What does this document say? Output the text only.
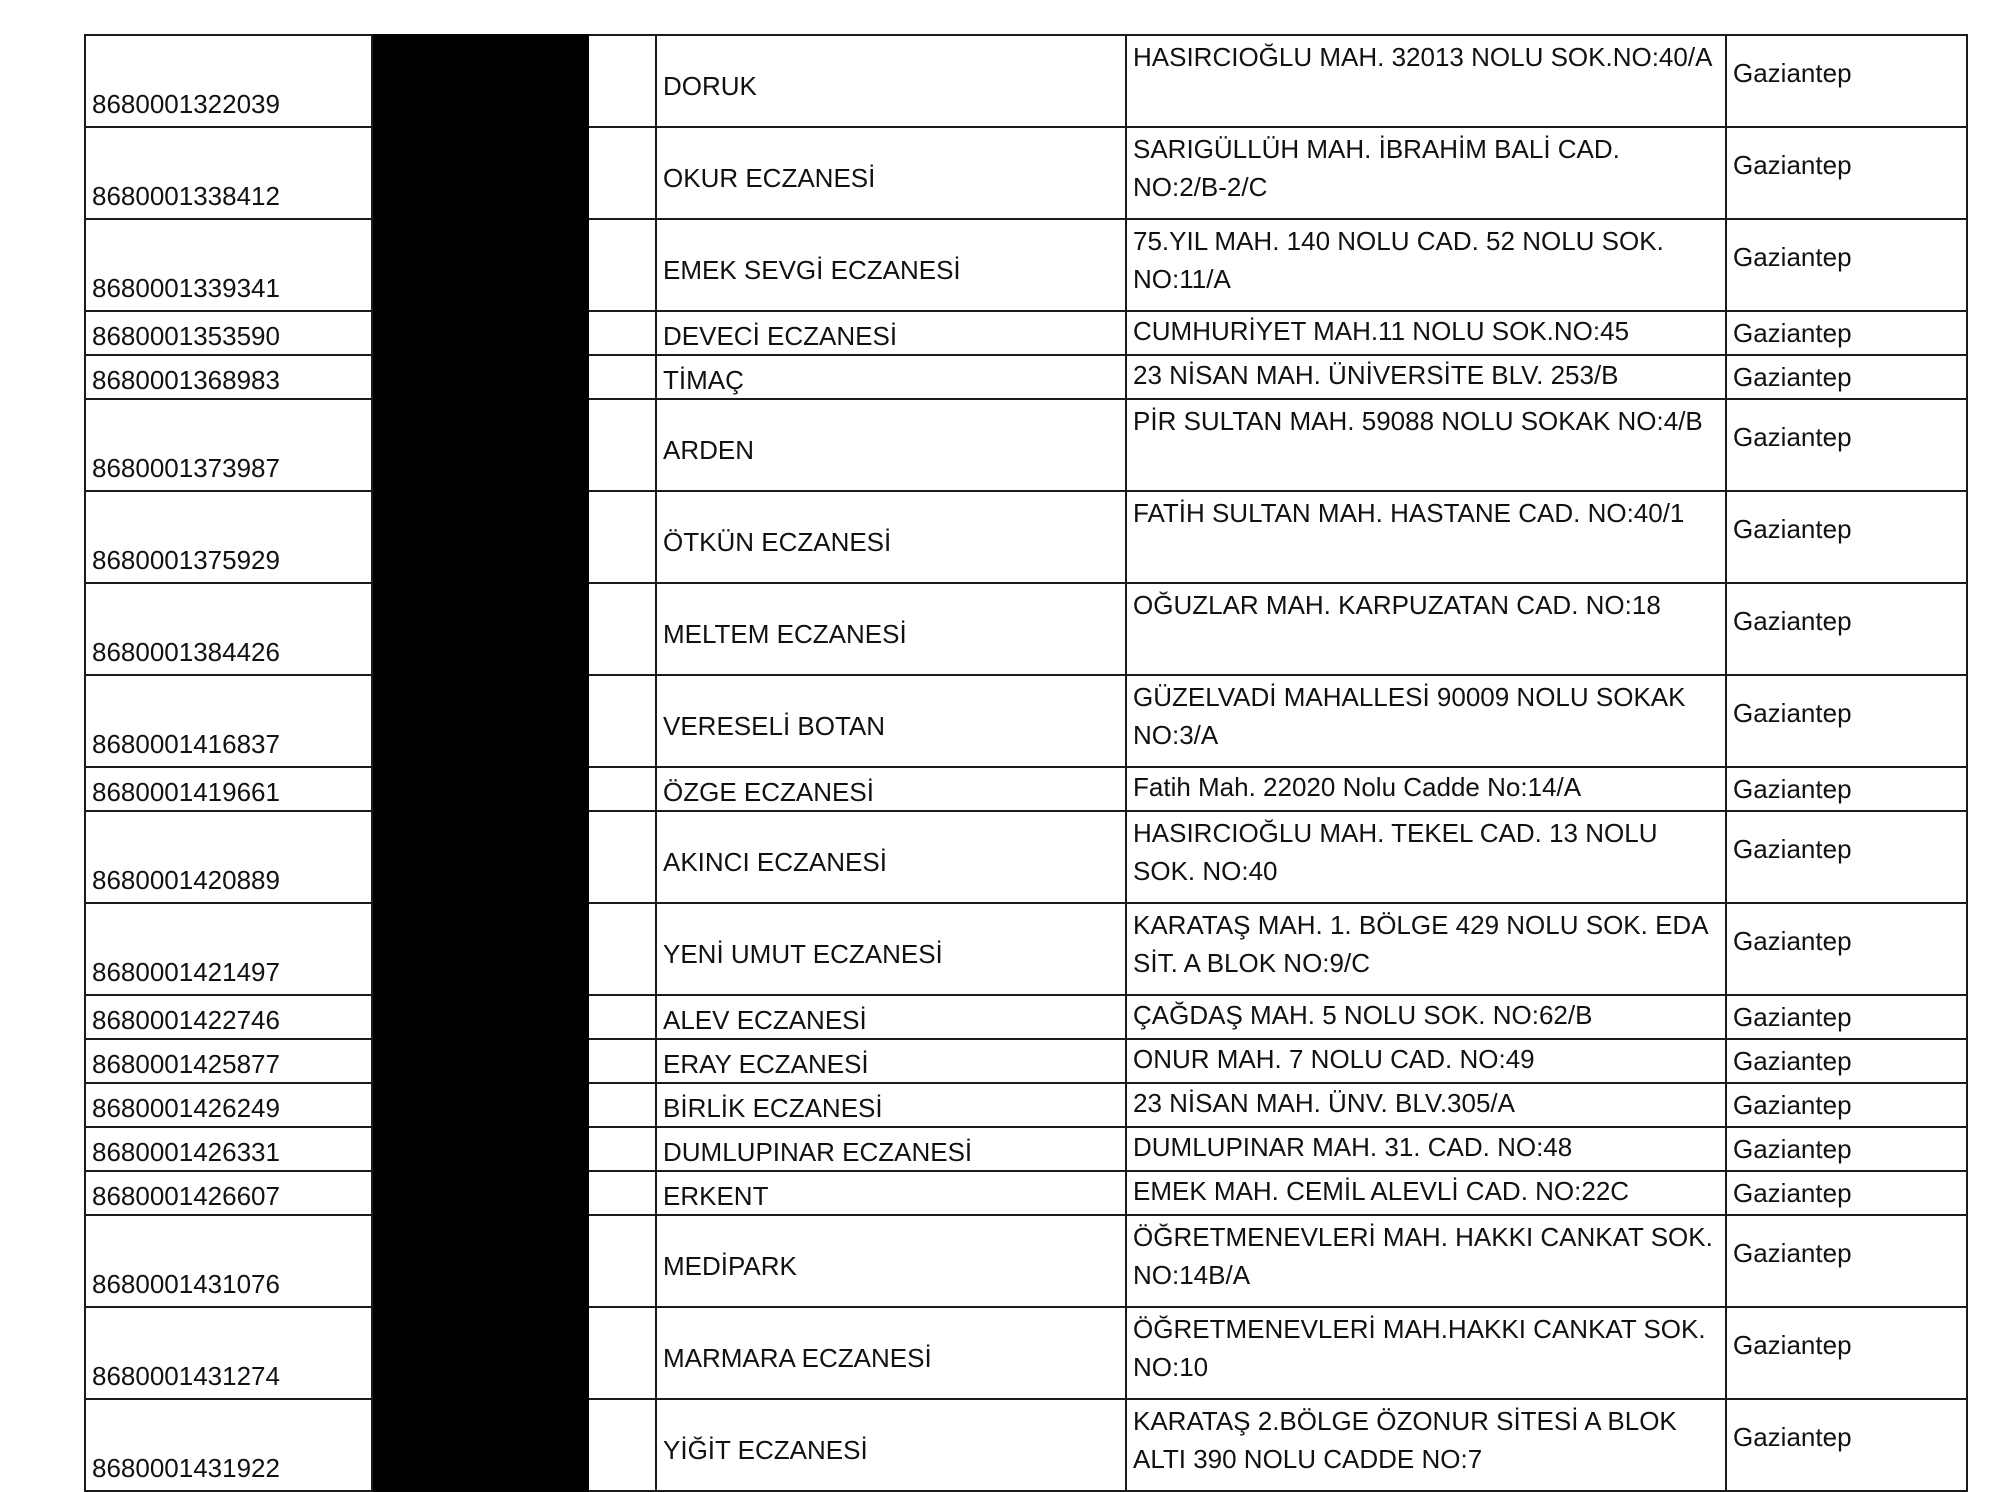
8680001322039			DORUK	HASIRCIOĞLU MAH. 32013 NOLU SOK.NO:40/A	Gaziantep
8680001338412			OKUR ECZANESİ	SARIGÜLLÜH MAH. İBRAHİM BALİ CAD. NO:2/B-2/C	Gaziantep
8680001339341			EMEK SEVGİ ECZANESİ	75.YIL MAH. 140 NOLU CAD. 52 NOLU SOK. NO:11/A	Gaziantep
8680001353590			DEVECİ ECZANESİ	CUMHURİYET MAH.11 NOLU SOK.NO:45	Gaziantep
8680001368983			TİMAÇ	23 NİSAN MAH. ÜNİVERSİTE BLV. 253/B	Gaziantep
8680001373987			ARDEN	PİR SULTAN MAH. 59088 NOLU SOKAK NO:4/B	Gaziantep
8680001375929			ÖTKÜN ECZANESİ	FATİH SULTAN MAH. HASTANE CAD. NO:40/1	Gaziantep
8680001384426			MELTEM ECZANESİ	OĞUZLAR MAH. KARPUZATAN CAD. NO:18	Gaziantep
8680001416837			VERESELİ BOTAN	GÜZELVADİ MAHALLESİ 90009 NOLU SOKAK NO:3/A	Gaziantep
8680001419661			ÖZGE ECZANESİ	Fatih Mah. 22020 Nolu Cadde No:14/A	Gaziantep
8680001420889			AKINCI ECZANESİ	HASIRCIOĞLU MAH. TEKEL CAD. 13 NOLU SOK. NO:40	Gaziantep
8680001421497			YENİ UMUT ECZANESİ	KARATAŞ MAH. 1. BÖLGE 429 NOLU SOK. EDA SİT. A BLOK NO:9/C	Gaziantep
8680001422746			ALEV ECZANESİ	ÇAĞDAŞ MAH. 5 NOLU SOK. NO:62/B	Gaziantep
8680001425877			ERAY ECZANESİ	ONUR MAH. 7 NOLU CAD. NO:49	Gaziantep
8680001426249			BİRLİK ECZANESİ	23 NİSAN MAH. ÜNV. BLV.305/A	Gaziantep
8680001426331			DUMLUPINAR ECZANESİ	DUMLUPINAR MAH. 31. CAD. NO:48	Gaziantep
8680001426607			ERKENT	EMEK MAH. CEMİL ALEVLİ CAD. NO:22C	Gaziantep
8680001431076			MEDİPARK	ÖĞRETMENEVLERİ MAH. HAKKI CANKAT SOK. NO:14B/A	Gaziantep
8680001431274			MARMARA ECZANESİ	ÖĞRETMENEVLERİ MAH.HAKKI CANKAT SOK. NO:10	Gaziantep
8680001431922			YİĞİT ECZANESİ	KARATAŞ 2.BÖLGE ÖZONUR SİTESİ A BLOK ALTI 390 NOLU CADDE NO:7	Gaziantep
